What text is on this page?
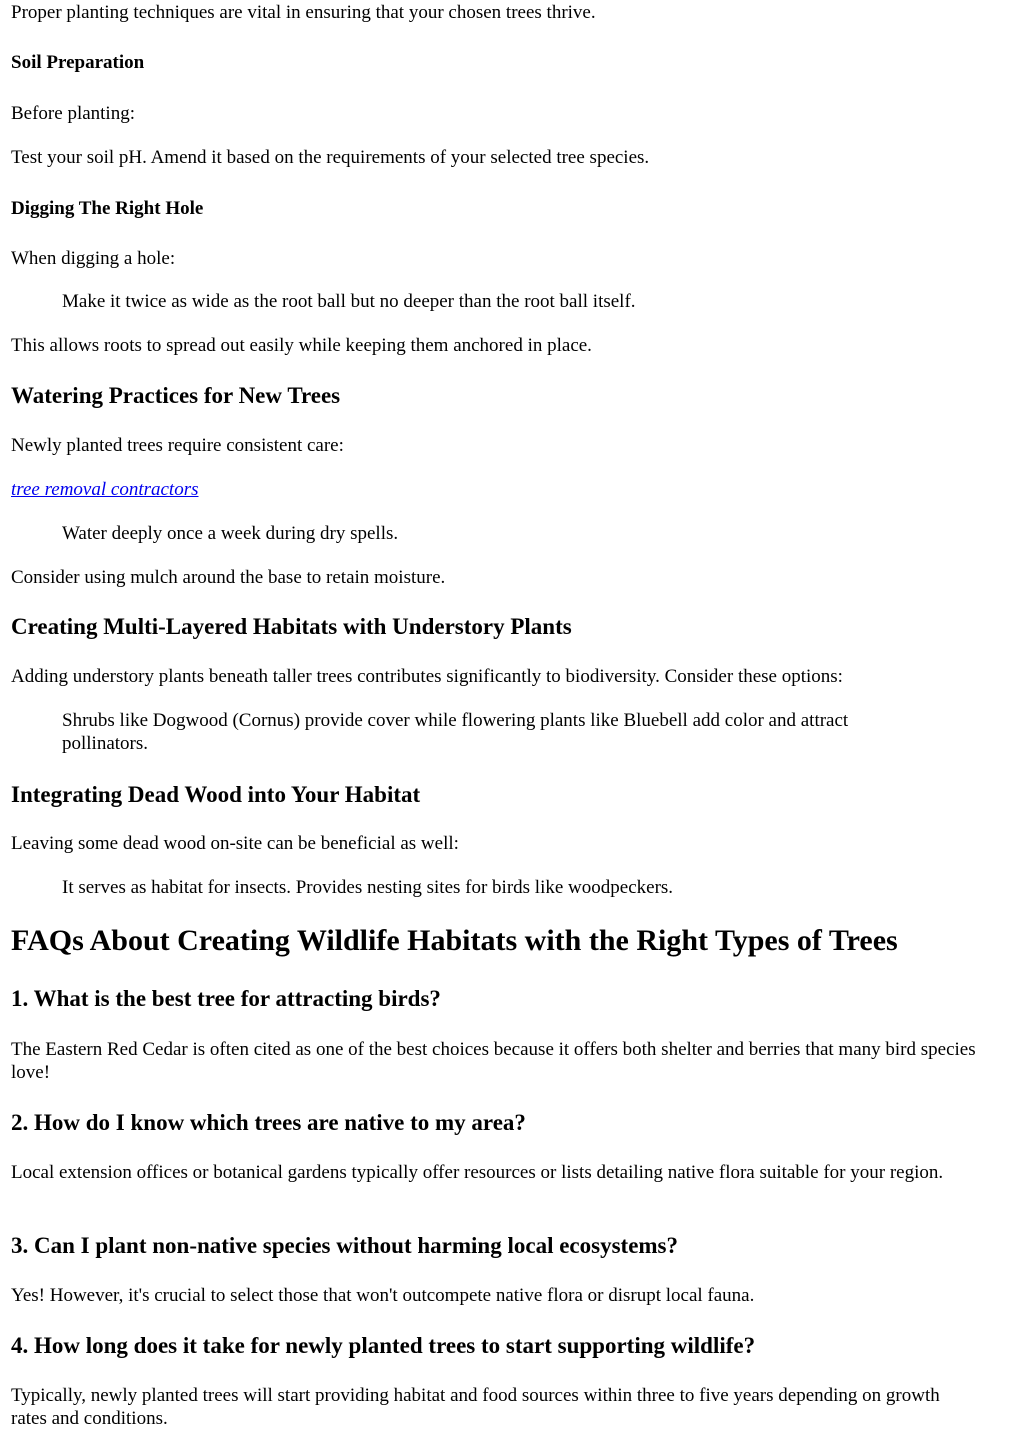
Proper planting techniques are vital in ensuring that your chosen trees thrive.

Soil Preparation

Before planting:

Test your soil pH. Amend it based on the requirements of your selected tree species.

Digging The Right Hole

When digging a hole:

Make it twice as wide as the root ball but no deeper than the root ball itself.

This allows roots to spread out easily while keeping them anchored in place.

Watering Practices for New Trees

Newly planted trees require consistent care:

tree removal contractors

Water deeply once a week during dry spells.

Consider using mulch around the base to retain moisture.

Creating Multi-Layered Habitats with Understory Plants

Adding understory plants beneath taller trees contributes significantly to biodiversity. Consider these options:

Shrubs like Dogwood (Cornus) provide cover while flowering plants like Bluebell add color and attract pollinators.

Integrating Dead Wood into Your Habitat

Leaving some dead wood on-site can be beneficial as well:

It serves as habitat for insects. Provides nesting sites for birds like woodpeckers.

FAQs About Creating Wildlife Habitats with the Right Types of Trees
1. What is the best tree for attracting birds?

The Eastern Red Cedar is often cited as one of the best choices because it offers both shelter and berries that many bird species love!

2. How do I know which trees are native to my area?

Local extension offices or botanical gardens typically offer resources or lists detailing native flora suitable for your region.

3. Can I plant non-native species without harming local ecosystems?

Yes! However, it's crucial to select those that won't outcompete native flora or disrupt local fauna.

4. How long does it take for newly planted trees to start supporting wildlife?

Typically, newly planted trees will start providing habitat and food sources within three to five years depending on growth rates and conditions.
